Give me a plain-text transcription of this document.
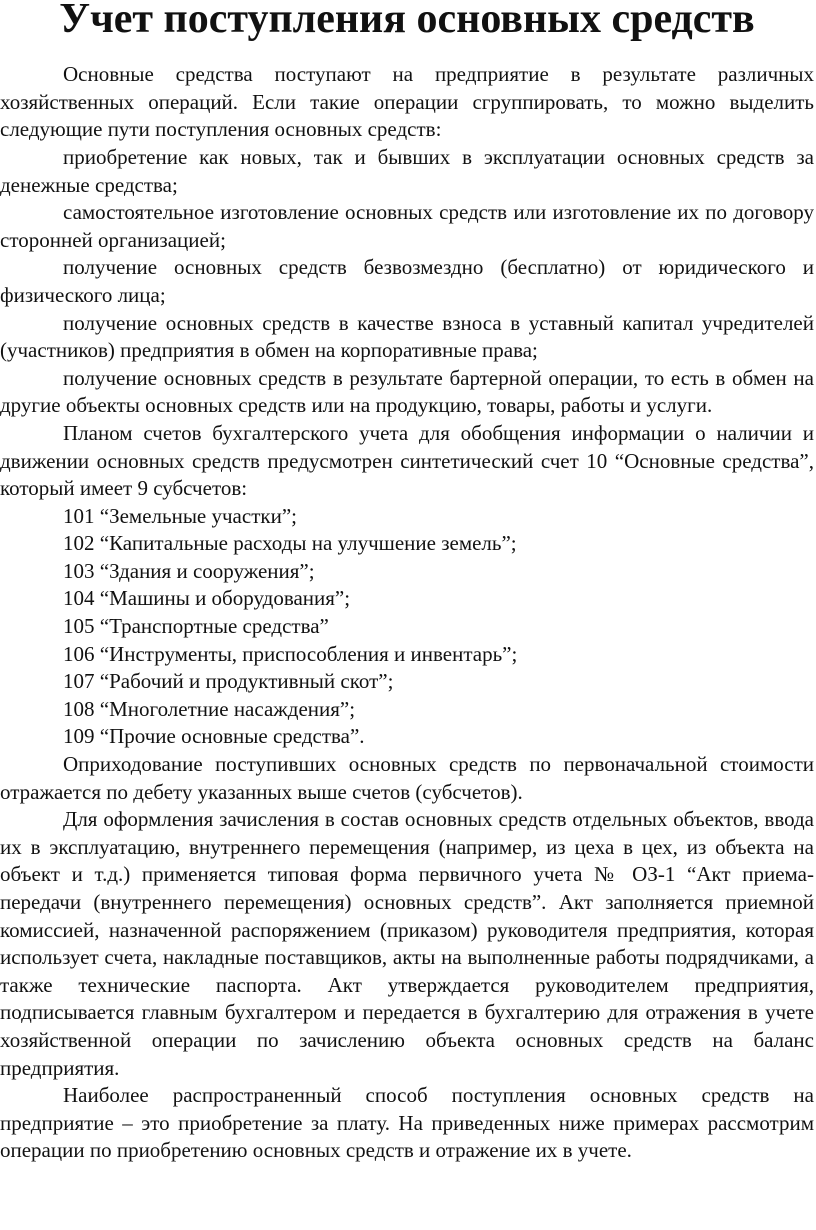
Учет поступления основных средств

Основные средства поступают на предприятие в результате различных хозяйственных операций. Если такие операции сгруппировать, то можно выделить следующие пути поступления основных средств:

приобретение как новых, так и бывших в эксплуатации основных средств за денежные средства;

самостоятельное изготовление основных средств или изготовление их по договору сторонней организацией;

получение основных средств безвозмездно (бесплатно) от юридического и физического лица;

получение основных средств в качестве взноса в уставный капитал учредителей (участников) предприятия в обмен на корпоративные права;

получение основных средств в результате бартерной операции, то есть в обмен на другие объекты основных средств или на продукцию, товары, работы и услуги.

Планом счетов бухгалтерского учета для обобщения информации о наличии и движении основных средств предусмотрен синтетический счет 10 “Основные средства”, который имеет 9 субсчетов:

101 “Земельные участки”;

102 “Капитальные расходы на улучшение земель”;

103 “Здания и сооружения”;

104 “Машины и оборудования”;

105 “Транспортные средства”

106 “Инструменты, приспособления и инвентарь”;

107 “Рабочий и продуктивный скот”;

108 “Многолетние насаждения”;

109 “Прочие основные средства”.

Оприходование поступивших основных средств по первоначальной стоимости отражается по дебету указанных выше счетов (субсчетов).

Для оформления зачисления в состав основных средств отдельных объектов, ввода их в эксплуатацию, внутреннего перемещения (например, из цеха в цех, из объекта на объект и т.д.) применяется типовая форма первичного учета № ОЗ-1 “Акт приема-передачи (внутреннего перемещения) основных средств”. Акт заполняется приемной комиссией, назначенной распоряжением (приказом) руководителя предприятия, которая использует счета, накладные поставщиков, акты на выполненные работы подрядчиками, а также технические паспорта. Акт утверждается руководителем предприятия, подписывается главным бухгалтером и передается в бухгалтерию для отражения в учете хозяйственной операции по зачислению объекта основных средств на баланс предприятия.

Наиболее распространенный способ поступления основных средств на предприятие – это приобретение за плату. На приведенных ниже примерах рассмотрим операции по приобретению основных средств и отражение их в учете.
